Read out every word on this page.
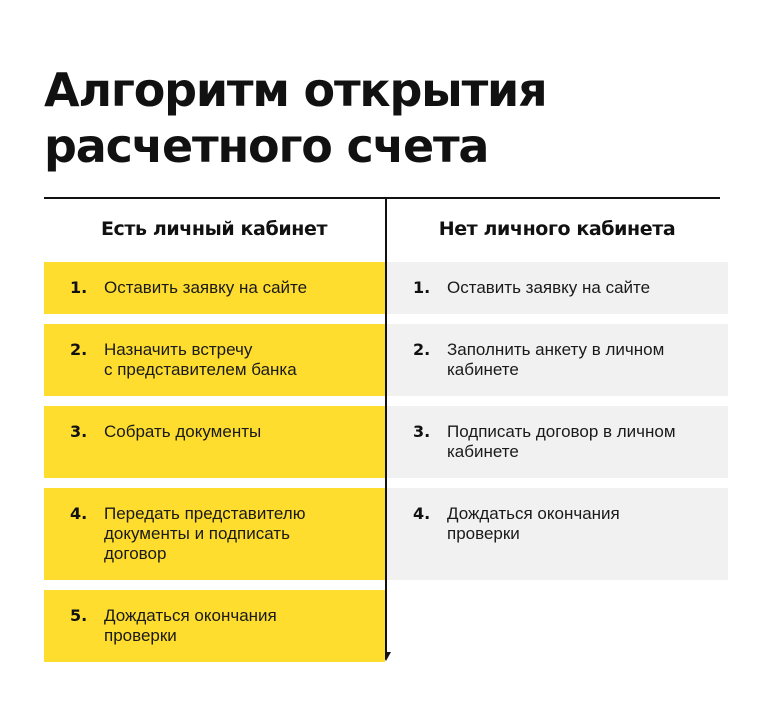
Алгоритм открытия
расчетного счета
Есть личный кабинет	Нет личного кабинета
1. Оставить заявку на сайте
2. Назначить встречу
с представителем банка
3. Собрать документы
4. Передать представителю
документы и подписать
договор
5. Дождаться окончания
проверки
1. Оставить заявку на сайте
2. Заполнить анкету в личном
кабинете
3. Подписать договор в личном
кабинете
4. Дождаться окончания
проверки
